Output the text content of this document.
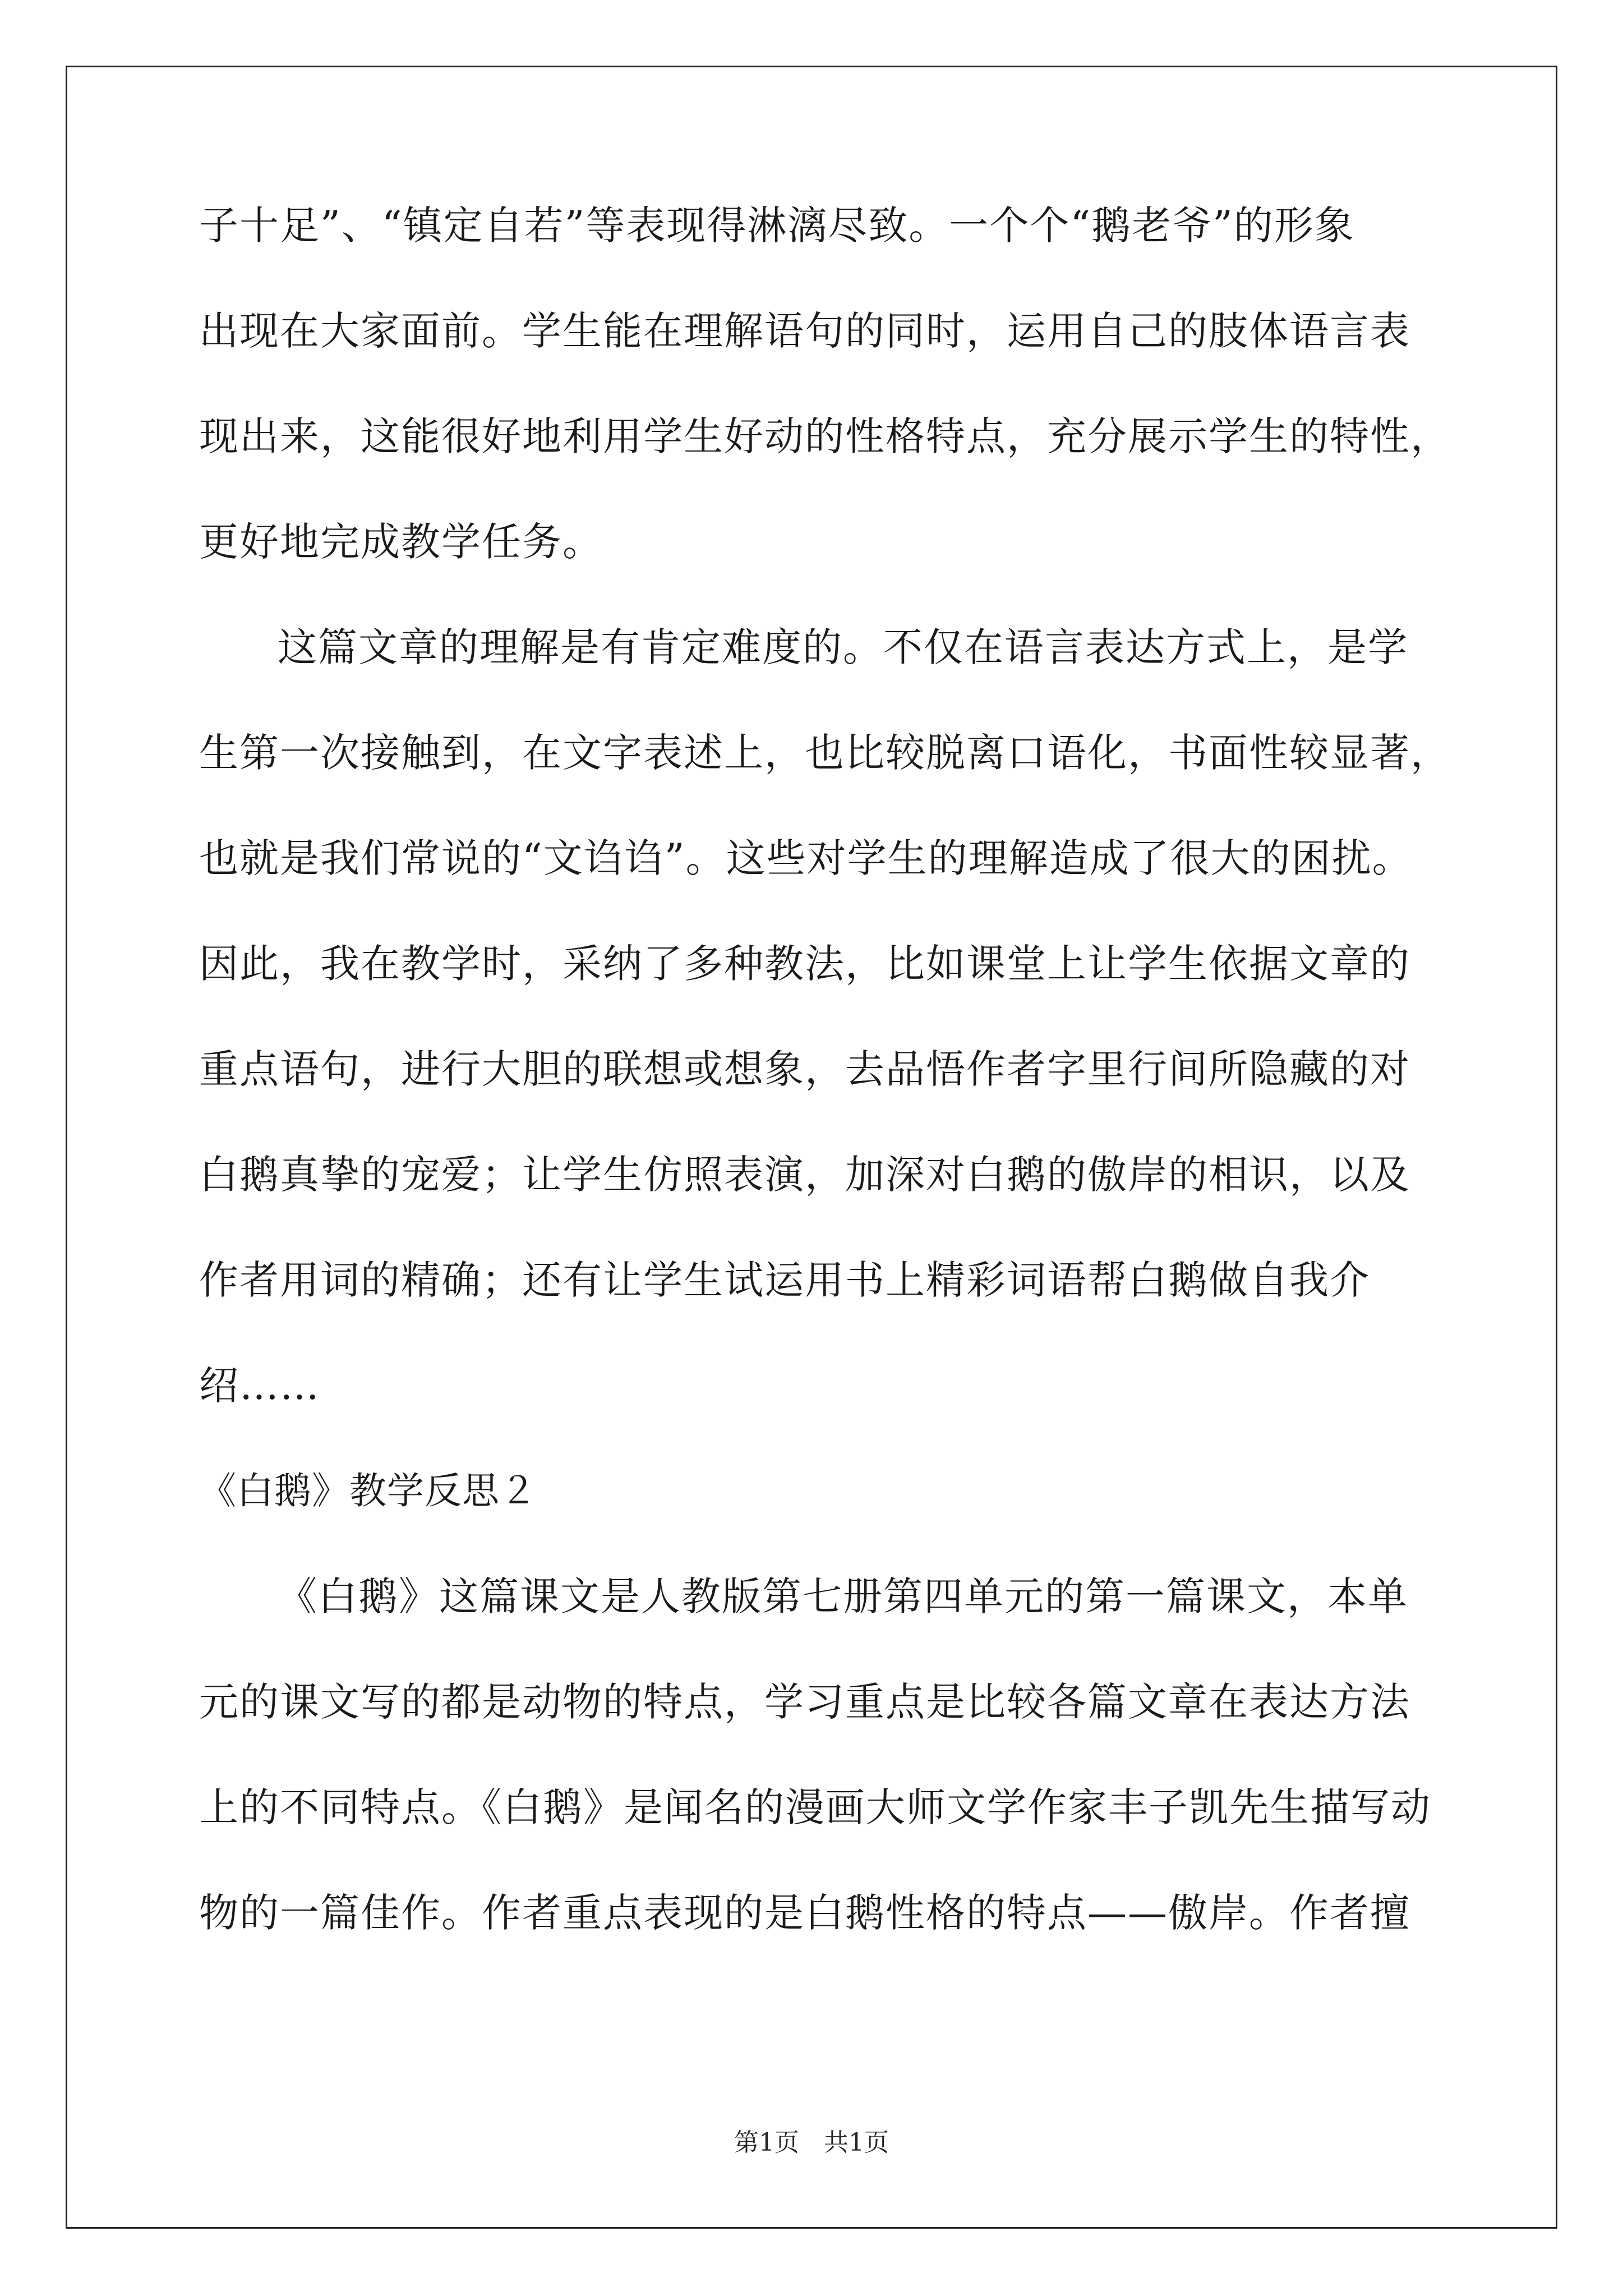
子十足”、“镇定自若”等表现得淋漓尽致。一个个“鹅老爷”的形象
出现在大家面前。学生能在理解语句的同时，运用自己的肢体语言表
现出来，这能很好地利用学生好动的性格特点，充分展示学生的特性，
更好地完成教学任务。
这篇文章的理解是有肯定难度的。不仅在语言表达方式上，是学
生第一次接触到，在文字表述上，也比较脱离口语化，书面性较显著，
也就是我们常说的“文诌诌”。这些对学生的理解造成了很大的困扰。
因此，我在教学时，采纳了多种教法，比如课堂上让学生依据文章的
重点语句，进行大胆的联想或想象，去品悟作者字里行间所隐藏的对
白鹅真挚的宠爱；让学生仿照表演，加深对白鹅的傲岸的相识，以及
作者用词的精确；还有让学生试运用书上精彩词语帮白鹅做自我介
绍……
《白鹅》教学反思２
《白鹅》这篇课文是人教版第七册第四单元的第一篇课文，本单
元的课文写的都是动物的特点，学习重点是比较各篇文章在表达方法
上的不同特点。《白鹅》是闻名的漫画大师文学作家丰子凯先生描写动
物的一篇佳作。作者重点表现的是白鹅性格的特点——傲岸。作者擅
第1页 共1页
